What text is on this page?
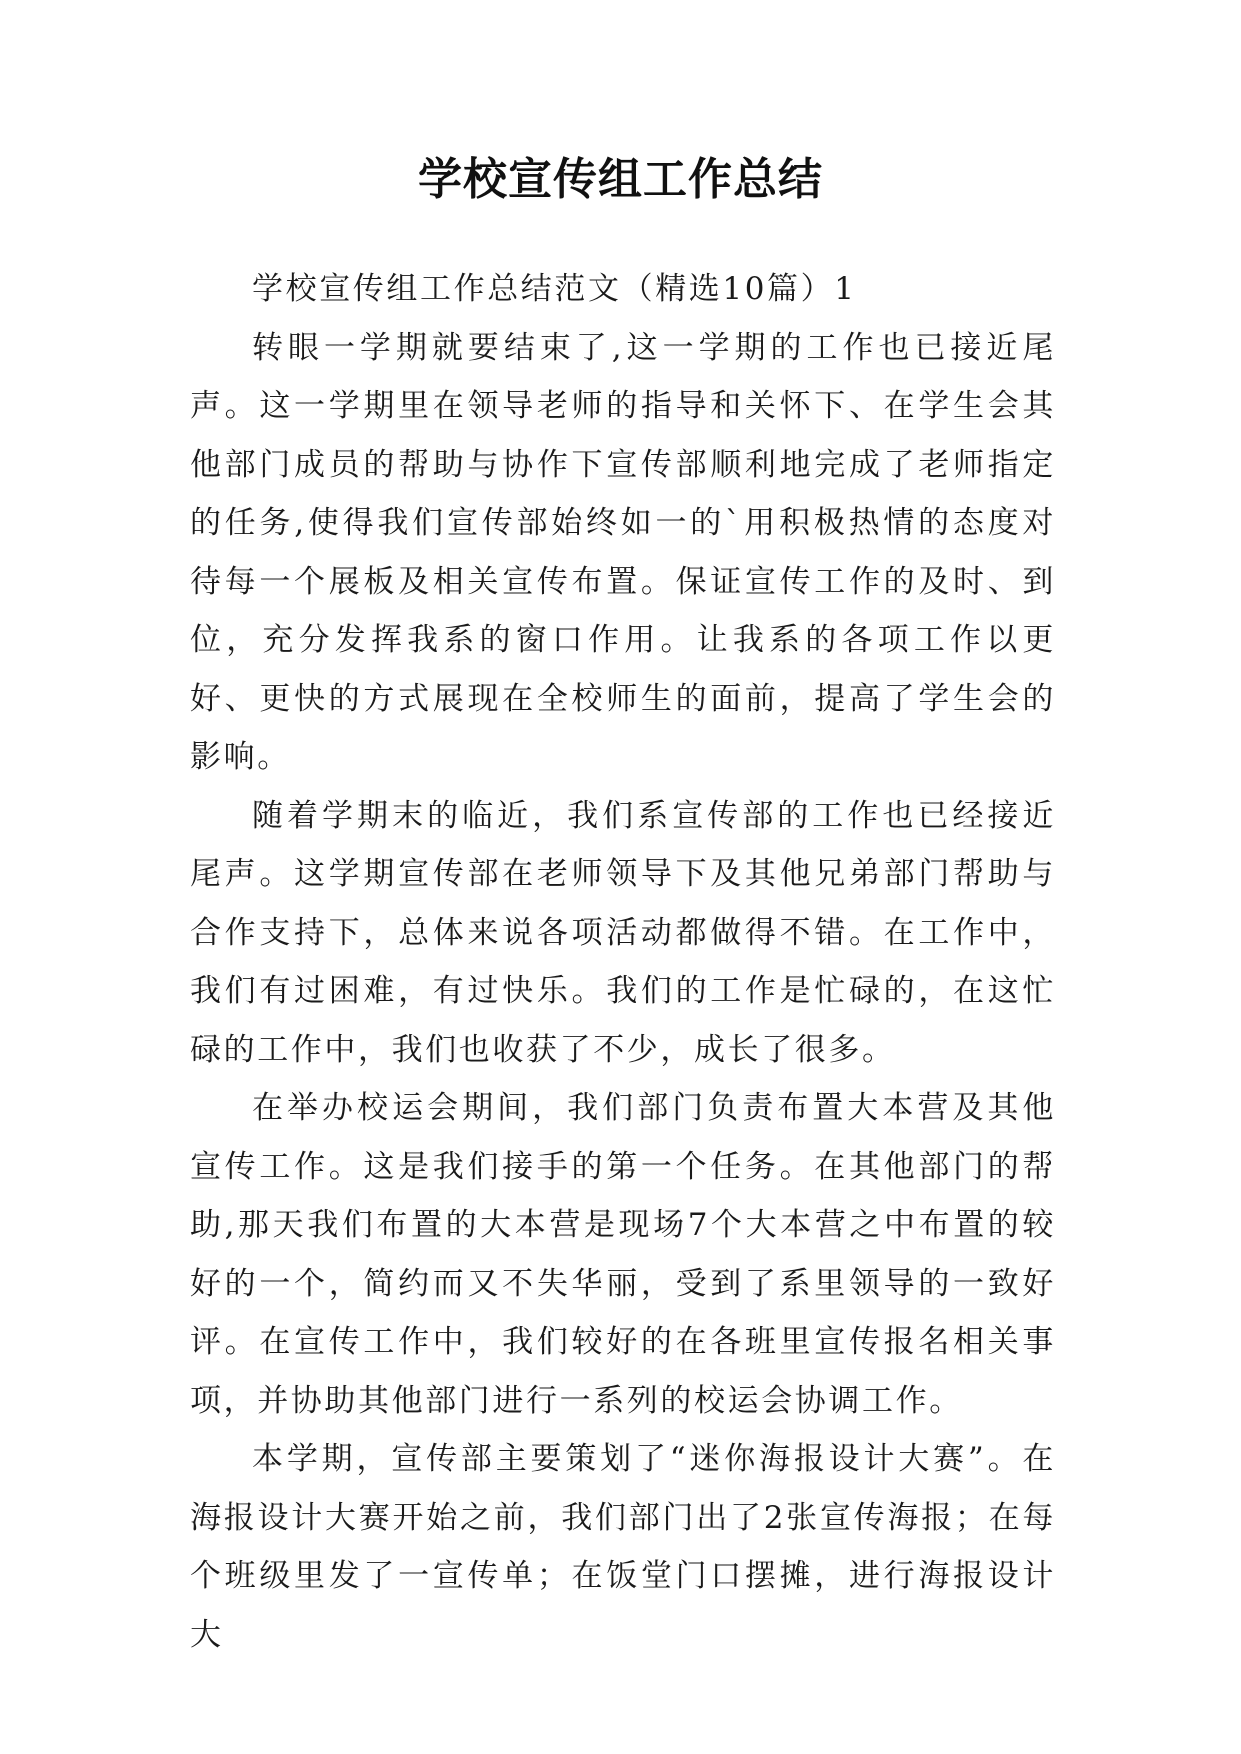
学校宣传组工作总结

学校宣传组工作总结范文（精选10篇）1

转眼一学期就要结束了,这一学期的工作也已接近尾声。这一学期里在领导老师的指导和关怀下、在学生会其他部门成员的帮助与协作下宣传部顺利地完成了老师指定的任务,使得我们宣传部始终如一的`用积极热情的态度对待每一个展板及相关宣传布置。保证宣传工作的及时、到位，充分发挥我系的窗口作用。让我系的各项工作以更好、更快的方式展现在全校师生的面前，提高了学生会的影响。

随着学期末的临近，我们系宣传部的工作也已经接近尾声。这学期宣传部在老师领导下及其他兄弟部门帮助与合作支持下，总体来说各项活动都做得不错。在工作中，我们有过困难，有过快乐。我们的工作是忙碌的，在这忙碌的工作中，我们也收获了不少，成长了很多。

在举办校运会期间，我们部门负责布置大本营及其他宣传工作。这是我们接手的第一个任务。在其他部门的帮助,那天我们布置的大本营是现场7个大本营之中布置的较好的一个，简约而又不失华丽，受到了系里领导的一致好评。在宣传工作中，我们较好的在各班里宣传报名相关事项，并协助其他部门进行一系列的校运会协调工作。

本学期，宣传部主要策划了“迷你海报设计大赛”。在海报设计大赛开始之前，我们部门出了2张宣传海报；在每个班级里发了一宣传单；在饭堂门口摆摊，进行海报设计大
